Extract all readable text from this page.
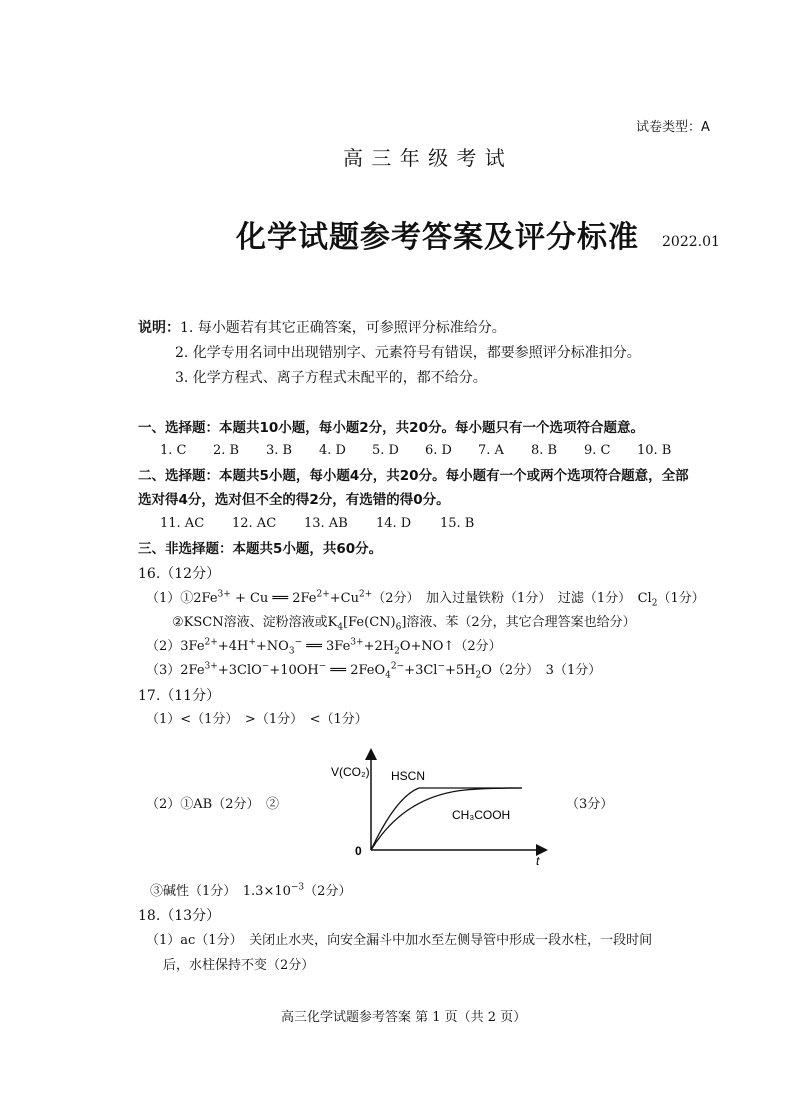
试卷类型：A
高 三 年 级 考 试
化学试题参考答案及评分标准 2022.01
说明：1. 每小题若有其它正确答案，可参照评分标准给分。
2. 化学专用名词中出现错别字、元素符号有错误，都要参照评分标准扣分。
3. 化学方程式、离子方程式未配平的，都不给分。
一、选择题：本题共10小题，每小题2分，共20分。每小题只有一个选项符合题意。
1. C	2. B	3. B	4. D	5. D	6. D	7. A	8. B	9. C	10. B
二、选择题：本题共5小题，每小题4分，共20分。每小题有一个或两个选项符合题意，全部
选对得4分，选对但不全的得2分，有选错的得0分。
11. AC	12. AC	13. AB	14. D	15. B
三、非选择题：本题共5小题，共60分。
16.（12分）
$(1)①2Fe^{3+} + Cu$ ══ $2Fe^{2+}+Cu^{2+}(2$分）　加入过量铁粉（1分）　过滤（1分）　$Cl_2(1$分）
②KSCN溶液、淀粉溶液或$K_4[Fe(CN)_6]$溶液、苯（2分，其它合理答案也给分）
$(2)3Fe^{2+}+4H^++NO_3^-$ ══ $3Fe^{3+}+2H_2O+NO↑(2$分）
$(3)2Fe^{3+}+3ClO^-+10OH^-$ ══ $2FeO_4^{2-}+3Cl^-+5H_2O(2$分）　3（1分）
17.（11分）
（1）<（1分）　>（1分）　<（1分）
（2）①AB（2分）　②	（3分）
V(CO₂)
0
t
HSCN
CH₃COOH
③碱性（1分）　$1.3\times 10^{-3}(2$分）
18.（13分）
（1）ac（1分）　关闭止水夹，向安全漏斗中加水至左侧导管中形成一段水柱，一段时间
后，水柱保持不变（2分）
高三化学试题参考答案 第 1 页（共 2 页）
